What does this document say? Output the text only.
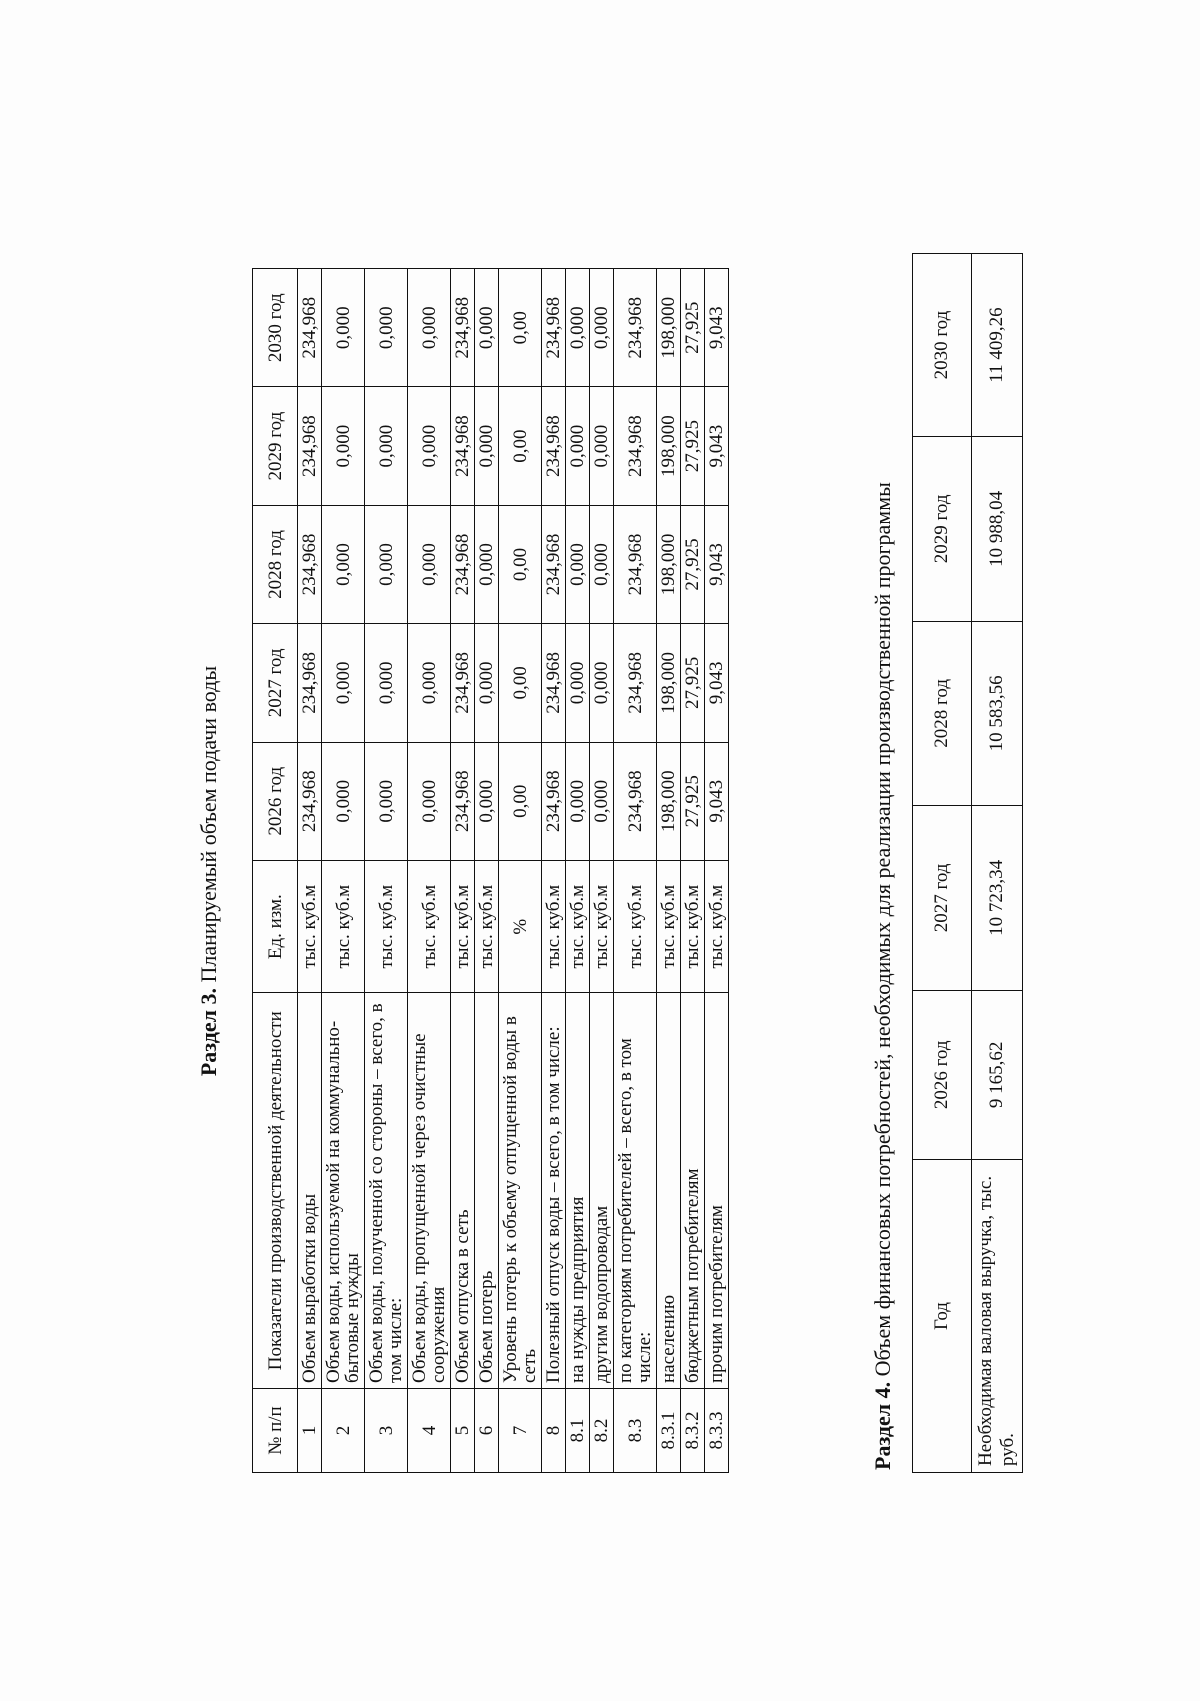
Раздел 3. Планируемый объем подачи воды
№ п/п	Показатели производственной деятельности	Ед. изм.	2026 год	2027 год	2028 год	2029 год	2030 год
1	Объем выработки воды	тыс. куб.м	234,968	234,968	234,968	234,968	234,968
2	Объем воды, используемой на коммунально-бытовые нужды	тыс. куб.м	0,000	0,000	0,000	0,000	0,000
3	Объем воды, полученной со стороны – всего, в том числе:	тыс. куб.м	0,000	0,000	0,000	0,000	0,000
4	Объем воды, пропущенной через очистные сооружения	тыс. куб.м	0,000	0,000	0,000	0,000	0,000
5	Объем отпуска в сеть	тыс. куб.м	234,968	234,968	234,968	234,968	234,968
6	Объем потерь	тыс. куб.м	0,000	0,000	0,000	0,000	0,000
7	Уровень потерь к объему отпущенной воды в сеть	%	0,00	0,00	0,00	0,00	0,00
8	Полезный отпуск воды – всего, в том числе:	тыс. куб.м	234,968	234,968	234,968	234,968	234,968
8.1	на нужды предприятия	тыс. куб.м	0,000	0,000	0,000	0,000	0,000
8.2	другим водопроводам	тыс. куб.м	0,000	0,000	0,000	0,000	0,000
8.3	по категориям потребителей – всего, в том числе:	тыс. куб.м	234,968	234,968	234,968	234,968	234,968
8.3.1	населению	тыс. куб.м	198,000	198,000	198,000	198,000	198,000
8.3.2	бюджетным потребителям	тыс. куб.м	27,925	27,925	27,925	27,925	27,925
8.3.3	прочим потребителям	тыс. куб.м	9,043	9,043	9,043	9,043	9,043
Раздел 4. Объем финансовых потребностей, необходимых для реализации производственной программы Год	2026 год	2027 год	2028 год	2029 год	2030 год
Необходимая валовая выручка, тыс. руб.	9 165,62	10 723,34	10 583,56	10 988,04	11 409,26
